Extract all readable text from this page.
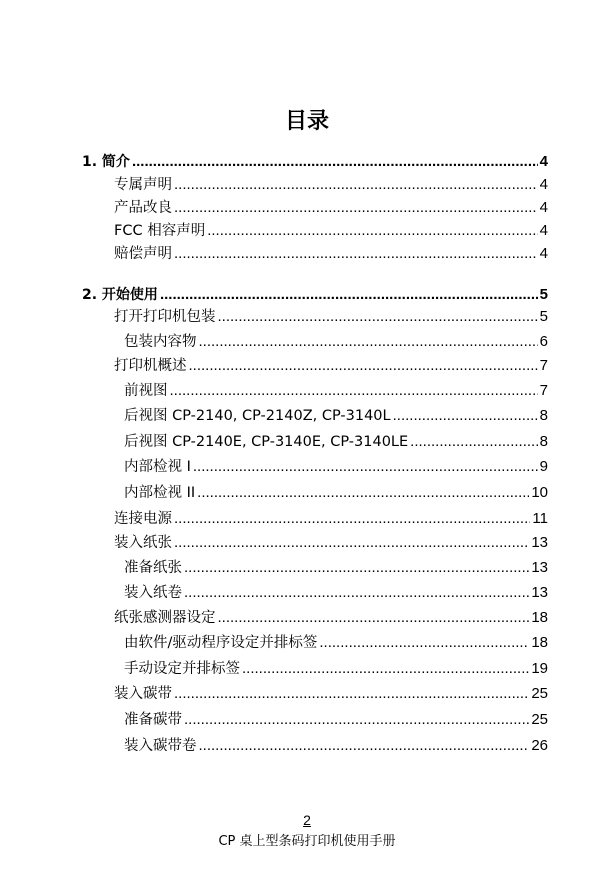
目录
1. 简介 .....	4
专属声明 .....	4
产品改良 .....	4
FCC 相容声明 .....	4
赔偿声明 .....	4
2. 开始使用 .....	5
打开打印机包装 .....	5
包装内容物 .....	6
打印机概述 .....	7
前视图 .....	7
后视图 CP-2140, CP-2140Z, CP-3140L .....	8
后视图 CP-2140E, CP-3140E, CP-3140LE .....	8
内部检视 I .....	9
内部检视 II .....	10
连接电源 .....	11
装入纸张 .....	13
准备纸张 .....	13
装入纸卷 .....	13
纸张感测器设定 .....	18
由软件/驱动程序设定并排标签 .....	18
手动设定并排标签 .....	19
装入碳带 .....	25
准备碳带 .....	25
装入碳带卷 .....	26
2
CP 桌上型条码打印机使用手册
